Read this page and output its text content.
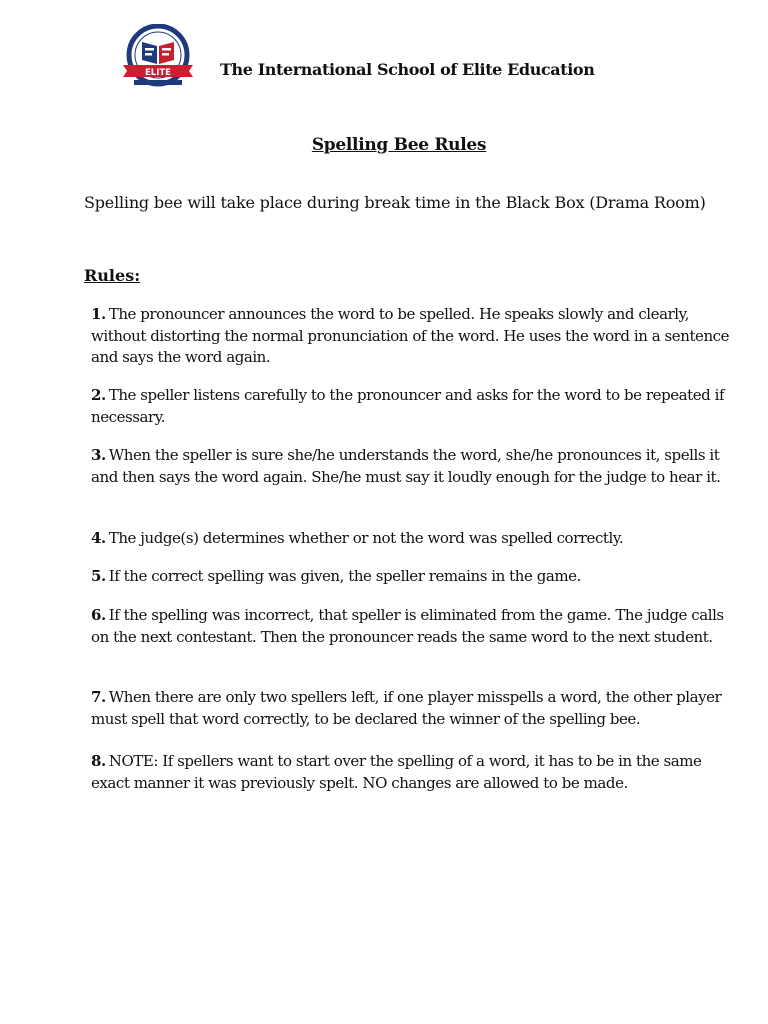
ELITE	The International School of Elite Education
Spelling Bee Rules
Spelling bee will take place during break time in the Black Box (Drama Room)
Rules:
1. The pronouncer announces the word to be spelled. He speaks slowly and clearly, without distorting the normal pronunciation of the word. He uses the word in a sentence and says the word again.
2. The speller listens carefully to the pronouncer and asks for the word to be repeated if necessary.
3. When the speller is sure she/he understands the word, she/he pronounces it, spells it and then says the word again. She/he must say it loudly enough for the judge to hear it.
4. The judge(s) determines whether or not the word was spelled correctly.
5. If the correct spelling was given, the speller remains in the game.
6. If the spelling was incorrect, that speller is eliminated from the game. The judge calls on the next contestant. Then the pronouncer reads the same word to the next student.
7. When there are only two spellers left, if one player misspells a word, the other player must spell that word correctly, to be declared the winner of the spelling bee.
8. NOTE: If spellers want to start over the spelling of a word, it has to be in the same exact manner it was previously spelt. NO changes are allowed to be made.
